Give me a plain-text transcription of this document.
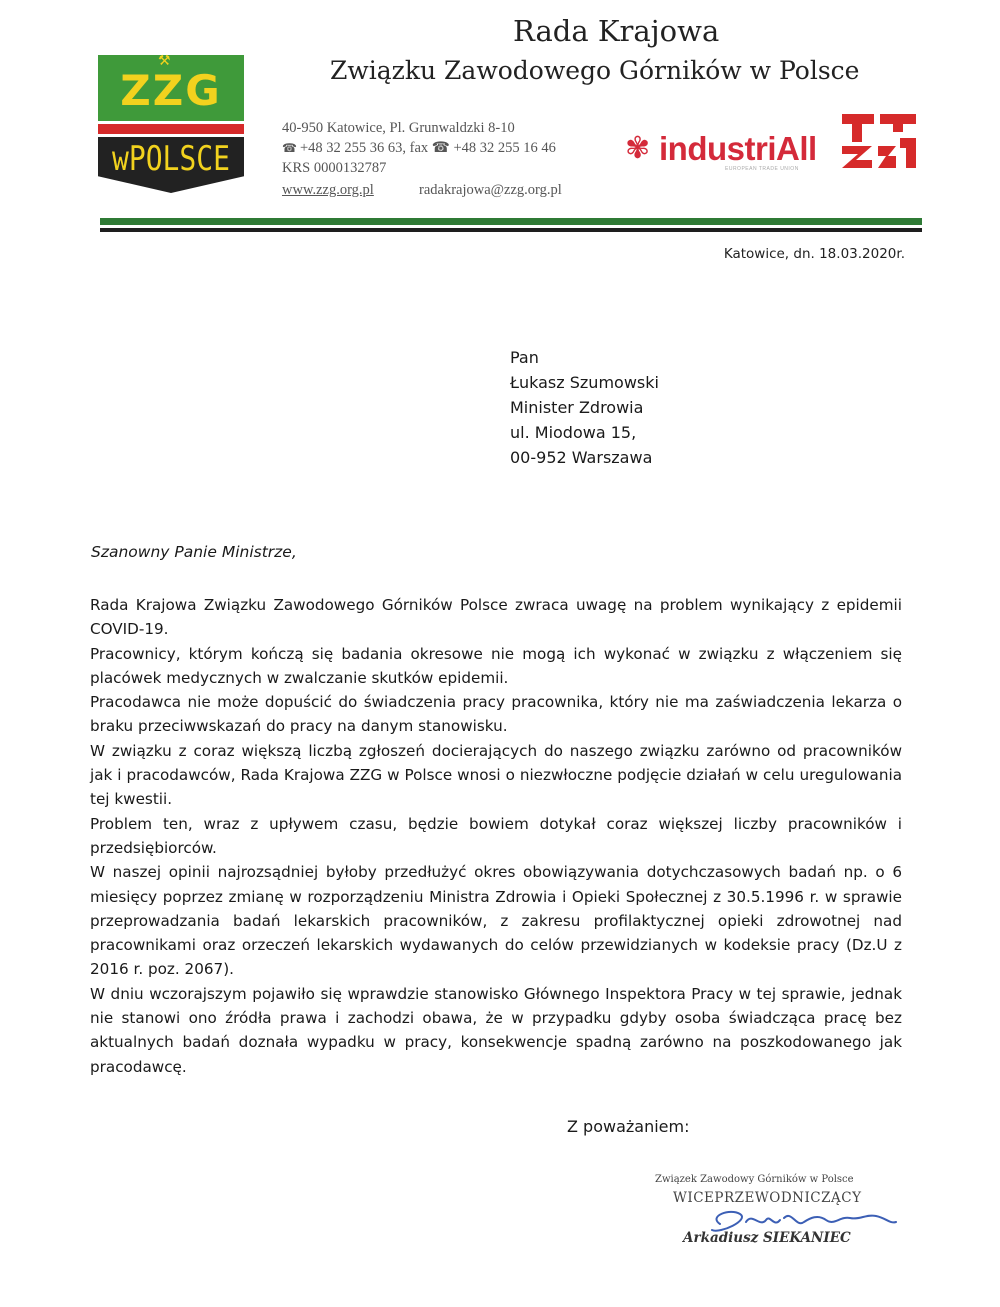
⚒
ZZG
wPOLSCE
Rada Krajowa
Związku Zawodowego Górników w Polsce
40-950 Katowice, Pl. Grunwaldzki 8-10
☎ +48 32 255 36 63, fax ☎ +48 32 255 16 46
KRS 0000132787
www.zzg.org.pl	radakrajowa@zzg.org.pl
✾ industriAll
EUROPEAN TRADE UNION
Katowice, dn. 18.03.2020r.
Pan
Łukasz Szumowski
Minister Zdrowia
ul. Miodowa 15,
00-952 Warszawa
Szanowny Panie Ministrze,

Rada Krajowa Związku Zawodowego Górników Polsce zwraca uwagę na problem wynikający z epidemii COVID-19.

Pracownicy, którym kończą się badania okresowe nie mogą ich wykonać w związku z włączeniem się placówek medycznych w zwalczanie skutków epidemii.

Pracodawca nie może dopuścić do świadczenia pracy pracownika, który nie ma zaświadczenia lekarza o braku przeciwwskazań do pracy na danym stanowisku.

W związku z coraz większą liczbą zgłoszeń docierających do naszego związku zarówno od pracowników jak i pracodawców, Rada Krajowa ZZG w Polsce wnosi o niezwłoczne podjęcie działań w celu uregulowania tej kwestii.

Problem ten, wraz z upływem czasu, będzie bowiem dotykał coraz większej liczby pracowników i przedsiębiorców.

W naszej opinii najrozsądniej byłoby przedłużyć okres obowiązywania dotychczasowych badań np. o 6 miesięcy poprzez zmianę w rozporządzeniu Ministra Zdrowia i Opieki Społecznej z 30.5.1996 r. w sprawie przeprowadzania badań lekarskich pracowników, z zakresu profilaktycznej opieki zdrowotnej nad pracownikami oraz orzeczeń lekarskich wydawanych do celów przewidzianych w kodeksie pracy (Dz.U z 2016 r. poz. 2067).

W dniu wczorajszym pojawiło się wprawdzie stanowisko Głównego Inspektora Pracy w tej sprawie, jednak nie stanowi ono źródła prawa i zachodzi obawa, że w przypadku gdyby osoba świadcząca pracę bez aktualnych badań doznała wypadku w pracy, konsekwencje spadną zarówno na poszkodowanego jak pracodawcę.

Z poważaniem:
Związek Zawodowy Górników w Polsce
WICEPRZEWODNICZĄCY
Arkadiusz SIEKANIEC
